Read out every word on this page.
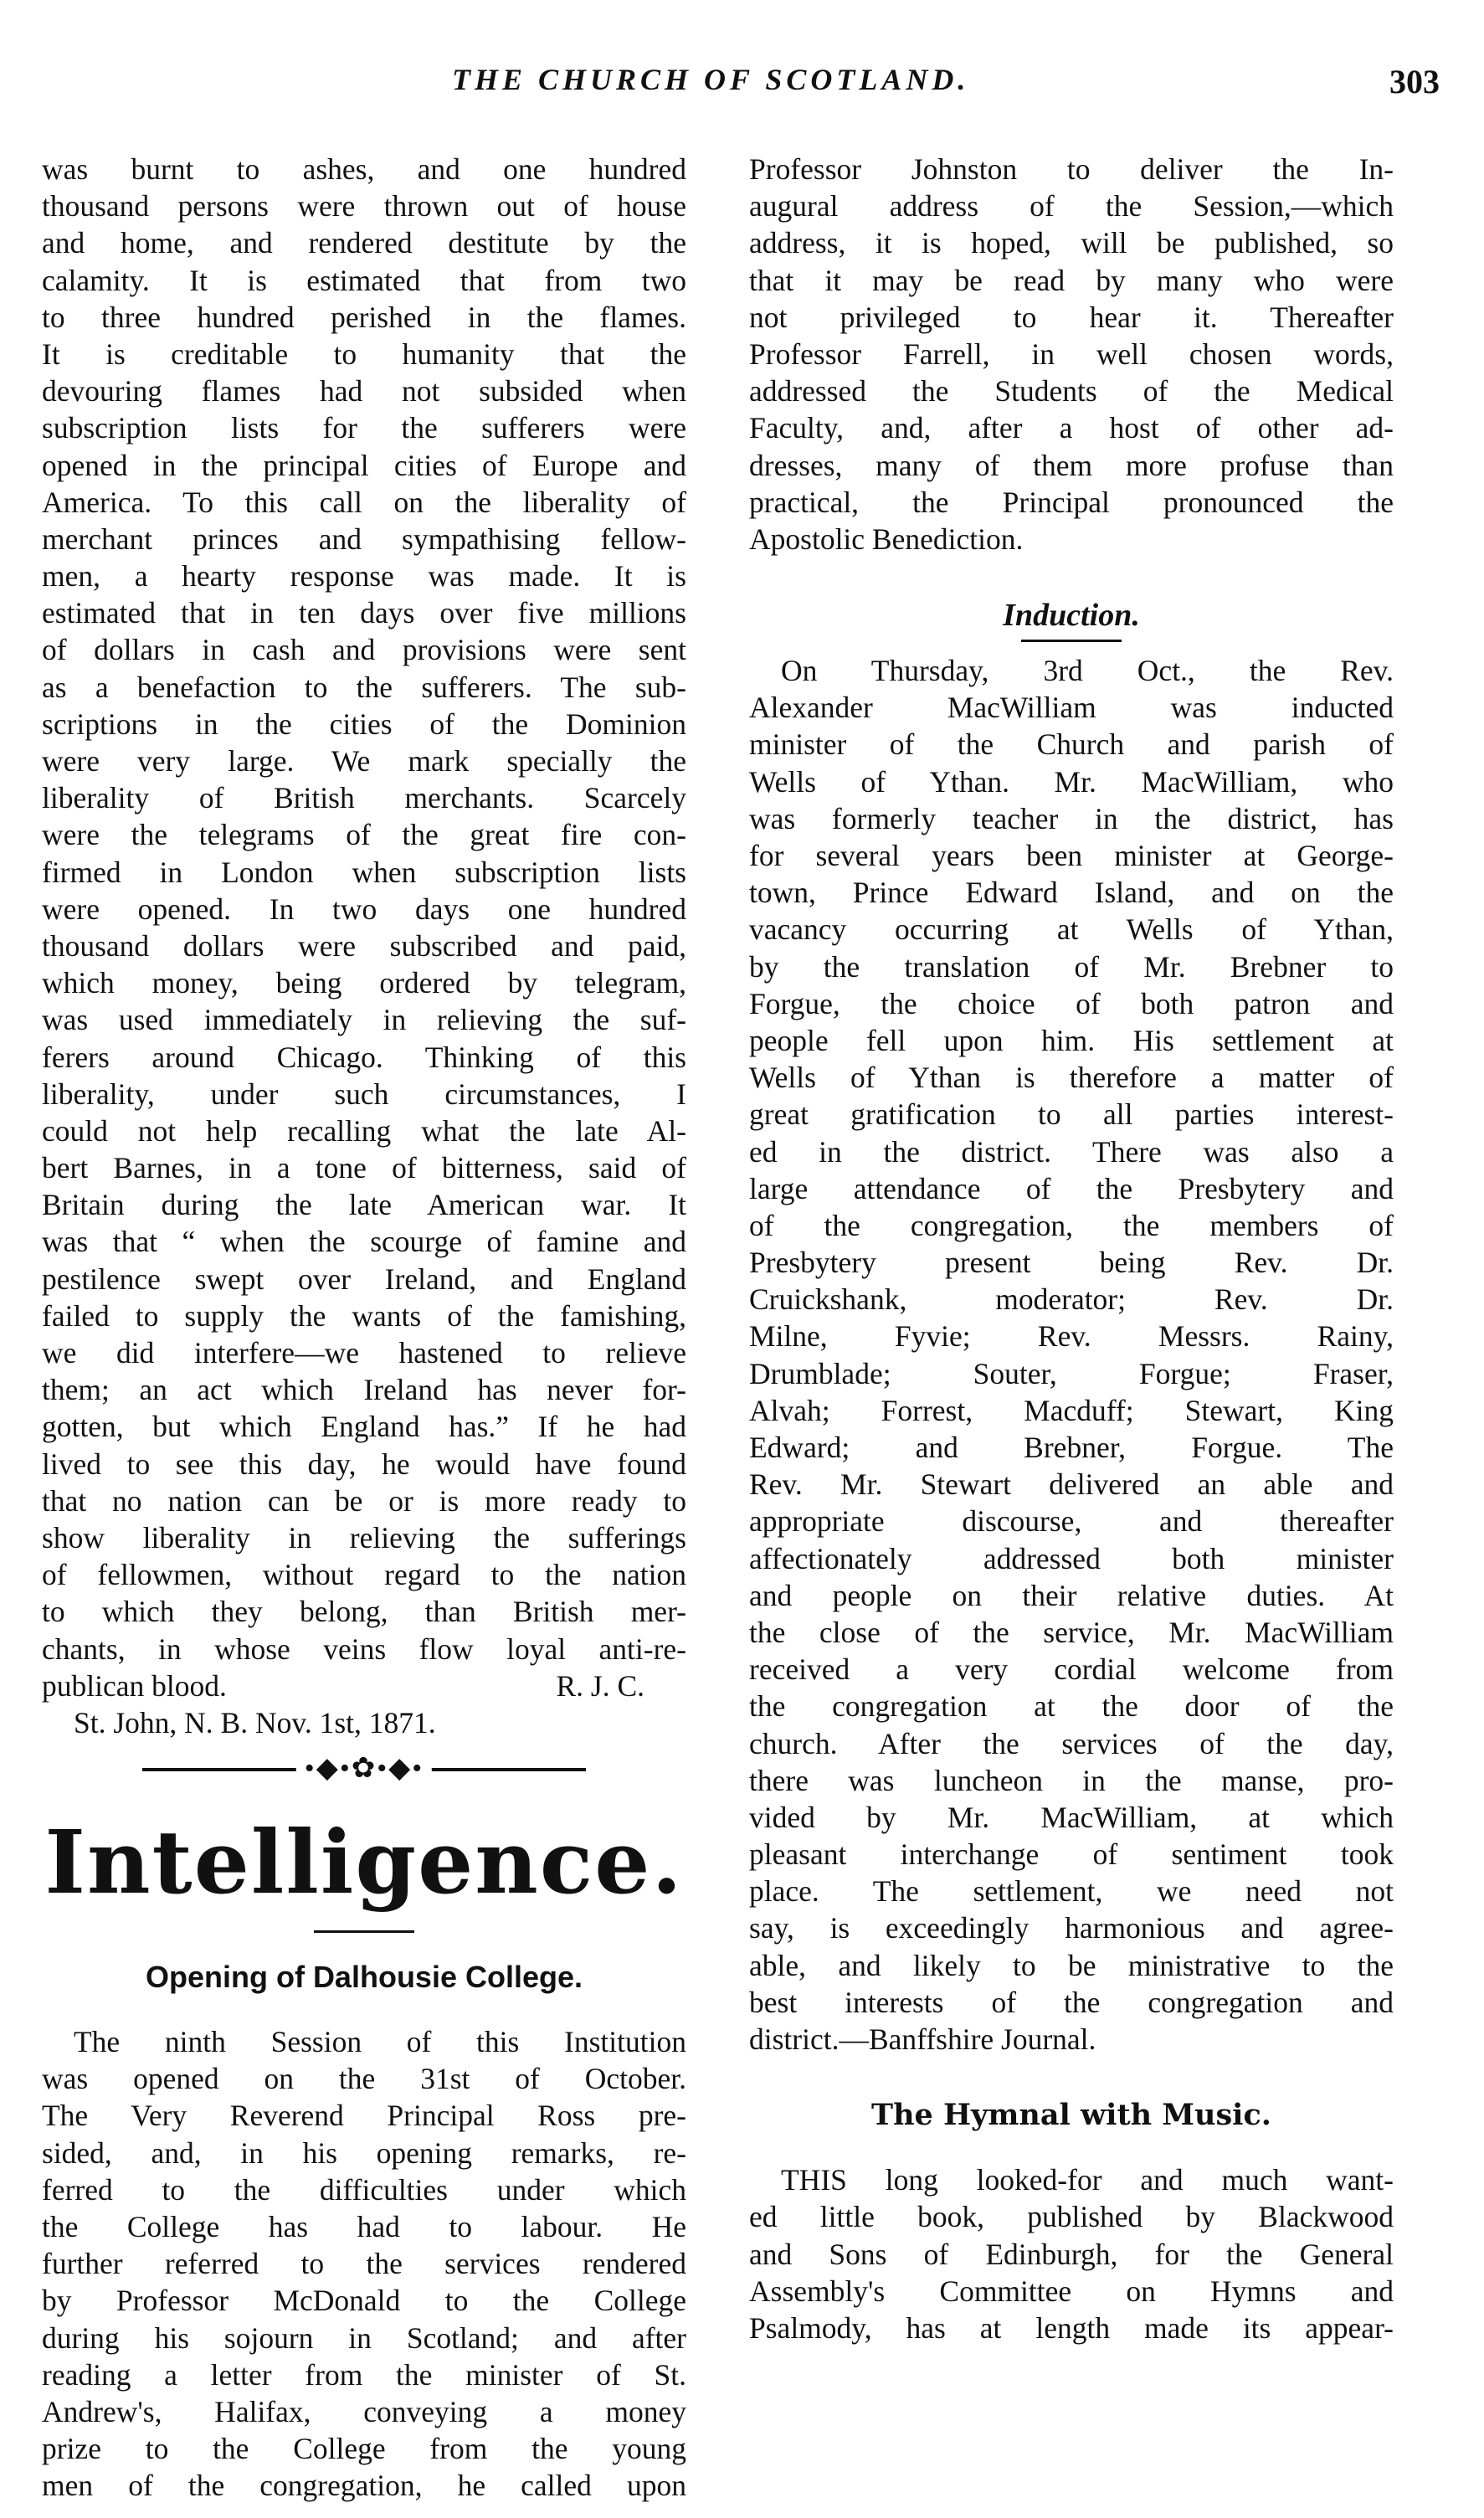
THE CHURCH OF SCOTLAND.	303
was burnt to ashes, and one hundred
thousand persons were thrown out of house
and home, and rendered destitute by the
calamity. It is estimated that from two
to three hundred perished in the flames.
It is creditable to humanity that the
devouring flames had not subsided when
subscription lists for the sufferers were
opened in the principal cities of Europe and
America. To this call on the liberality of
merchant princes and sympathising fellow-
men, a hearty response was made. It is
estimated that in ten days over five millions
of dollars in cash and provisions were sent
as a benefaction to the sufferers. The sub-
scriptions in the cities of the Dominion
were very large. We mark specially the
liberality of British merchants. Scarcely
were the telegrams of the great fire con-
firmed in London when subscription lists
were opened. In two days one hundred
thousand dollars were subscribed and paid,
which money, being ordered by telegram,
was used immediately in relieving the suf-
ferers around Chicago. Thinking of this
liberality, under such circumstances, I
could not help recalling what the late Al-
bert Barnes, in a tone of bitterness, said of
Britain during the late American war. It
was that “ when the scourge of famine and
pestilence swept over Ireland, and England
failed to supply the wants of the famishing,
we did interfere—we hastened to relieve
them; an act which Ireland has never for-
gotten, but which England has.” If he had
lived to see this day, he would have found
that no nation can be or is more ready to
show liberality in relieving the sufferings
of fellowmen, without regard to the nation
to which they belong, than British mer-
chants, in whose veins flow loyal anti-re-
publican blood.	R. J. C.
St. John, N. B. Nov. 1st, 1871.
•◆•✿•◆•
Intelligence.
Opening of Dalhousie College.
The ninth Session of this Institution
was opened on the 31st of October.
The Very Reverend Principal Ross pre-
sided, and, in his opening remarks, re-
ferred to the difficulties under which
the College has had to labour. He
further referred to the services rendered
by Professor McDonald to the College
during his sojourn in Scotland; and after
reading a letter from the minister of St.
Andrew's, Halifax, conveying a money
prize to the College from the young
men of the congregation, he called upon
Professor Johnston to deliver the In-
augural address of the Session,—which
address, it is hoped, will be published, so
that it may be read by many who were
not privileged to hear it. Thereafter
Professor Farrell, in well chosen words,
addressed the Students of the Medical
Faculty, and, after a host of other ad-
dresses, many of them more profuse than
practical, the Principal pronounced the
Apostolic Benediction.
Induction.
On Thursday, 3rd Oct., the Rev.
Alexander MacWilliam was inducted
minister of the Church and parish of
Wells of Ythan. Mr. MacWilliam, who
was formerly teacher in the district, has
for several years been minister at George-
town, Prince Edward Island, and on the
vacancy occurring at Wells of Ythan,
by the translation of Mr. Brebner to
Forgue, the choice of both patron and
people fell upon him. His settlement at
Wells of Ythan is therefore a matter of
great gratification to all parties interest-
ed in the district. There was also a
large attendance of the Presbytery and
of the congregation, the members of
Presbytery present being Rev. Dr.
Cruickshank, moderator; Rev. Dr.
Milne, Fyvie; Rev. Messrs. Rainy,
Drumblade; Souter, Forgue; Fraser,
Alvah; Forrest, Macduff; Stewart, King
Edward; and Brebner, Forgue. The
Rev. Mr. Stewart delivered an able and
appropriate discourse, and thereafter
affectionately addressed both minister
and people on their relative duties. At
the close of the service, Mr. MacWilliam
received a very cordial welcome from
the congregation at the door of the
church. After the services of the day,
there was luncheon in the manse, pro-
vided by Mr. MacWilliam, at which
pleasant interchange of sentiment took
place. The settlement, we need not
say, is exceedingly harmonious and agree-
able, and likely to be ministrative to the
best interests of the congregation and
district.—Banffshire Journal.
The Hymnal with Music.
THIS long looked-for and much want-
ed little book, published by Blackwood
and Sons of Edinburgh, for the General
Assembly's Committee on Hymns and
Psalmody, has at length made its appear-
